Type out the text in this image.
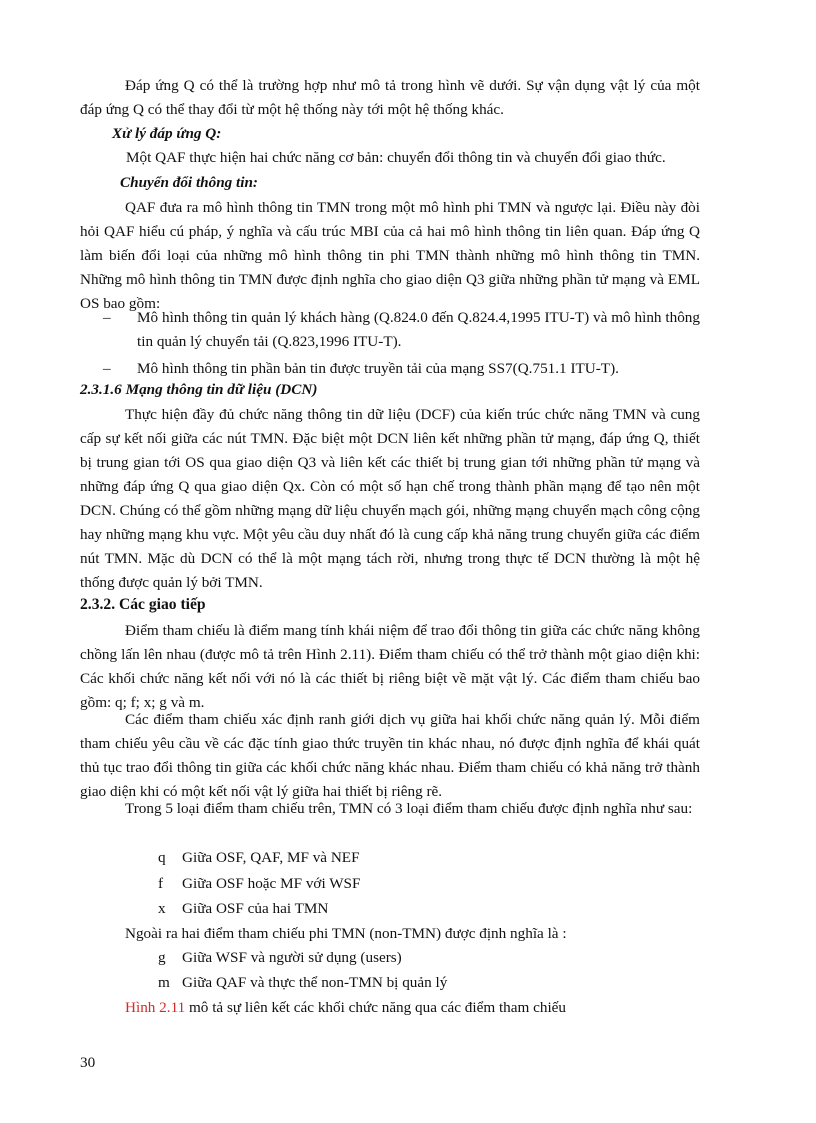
Đáp ứng Q có thể là trường hợp như mô tả trong hình vẽ dưới. Sự vận dụng vật lý của một đáp ứng Q có thể thay đổi từ một hệ thống này tới một hệ thống khác.

Xử lý đáp ứng Q:

Một QAF thực hiện hai chức năng cơ bản: chuyển đổi thông tin và chuyển đổi giao thức.

Chuyển đổi thông tin:

QAF đưa ra mô hình thông tin TMN trong một mô hình phi TMN và ngược lại. Điều này đòi hỏi QAF hiểu cú pháp, ý nghĩa và cấu trúc MBI của cả hai mô hình thông tin liên quan. Đáp ứng Q làm biến đổi loại của những mô hình thông tin phi TMN thành những mô hình thông tin TMN. Những mô hình thông tin TMN được định nghĩa cho giao diện Q3 giữa những phần tử mạng và EML OS bao gồm:

– Mô hình thông tin quản lý khách hàng (Q.824.0 đến Q.824.4,1995 ITU-T) và mô hình thông tin quản lý chuyển tải (Q.823,1996 ITU-T).
– Mô hình thông tin phần bản tin được truyền tải của mạng SS7(Q.751.1 ITU-T).

2.3.1.6 Mạng thông tin dữ liệu (DCN)

Thực hiện đầy đủ chức năng thông tin dữ liệu (DCF) của kiến trúc chức năng TMN và cung cấp sự kết nối giữa các nút TMN. Đặc biệt một DCN liên kết những phần tử mạng, đáp ứng Q, thiết bị trung gian tới OS qua giao diện Q3 và liên kết các thiết bị trung gian tới những phần tử mạng và những đáp ứng Q qua giao diện Qx. Còn có một số hạn chế trong thành phần mạng để tạo nên một DCN. Chúng có thể gồm những mạng dữ liệu chuyển mạch gói, những mạng chuyển mạch công cộng hay những mạng khu vực. Một yêu cầu duy nhất đó là cung cấp khả năng trung chuyển giữa các điểm nút TMN. Mặc dù DCN có thể là một mạng tách rời, nhưng trong thực tế DCN thường là một hệ thống được quản lý bởi TMN.

2.3.2. Các giao tiếp

Điểm tham chiếu là điểm mang tính khái niệm để trao đổi thông tin giữa các chức năng không chồng lấn lên nhau (được mô tả trên Hình 2.11). Điểm tham chiếu có thể trở thành một giao diện khi: Các khối chức năng kết nối với nó là các thiết bị riêng biệt về mặt vật lý. Các điểm tham chiếu bao gồm: q; f; x; g và m.

Các điểm tham chiếu xác định ranh giới dịch vụ giữa hai khối chức năng quản lý. Mỗi điểm tham chiếu yêu cầu về các đặc tính giao thức truyền tin khác nhau, nó được định nghĩa để khái quát thủ tục trao đổi thông tin giữa các khối chức năng khác nhau. Điểm tham chiếu có khả năng trở thành giao diện khi có một kết nối vật lý giữa hai thiết bị riêng rẽ.

Trong 5 loại điểm tham chiếu trên, TMN có 3 loại điểm tham chiếu được định nghĩa như sau:

q Giữa OSF, QAF, MF và NEF
f Giữa OSF hoặc MF với WSF
x Giữa OSF của hai TMN

Ngoài ra hai điểm tham chiếu phi TMN (non-TMN) được định nghĩa là :

g Giữa WSF và người sử dụng (users)
m Giữa QAF và thực thể non-TMN bị quản lý

Hình 2.11 mô tả sự liên kết các khối chức năng qua các điểm tham chiếu

30
